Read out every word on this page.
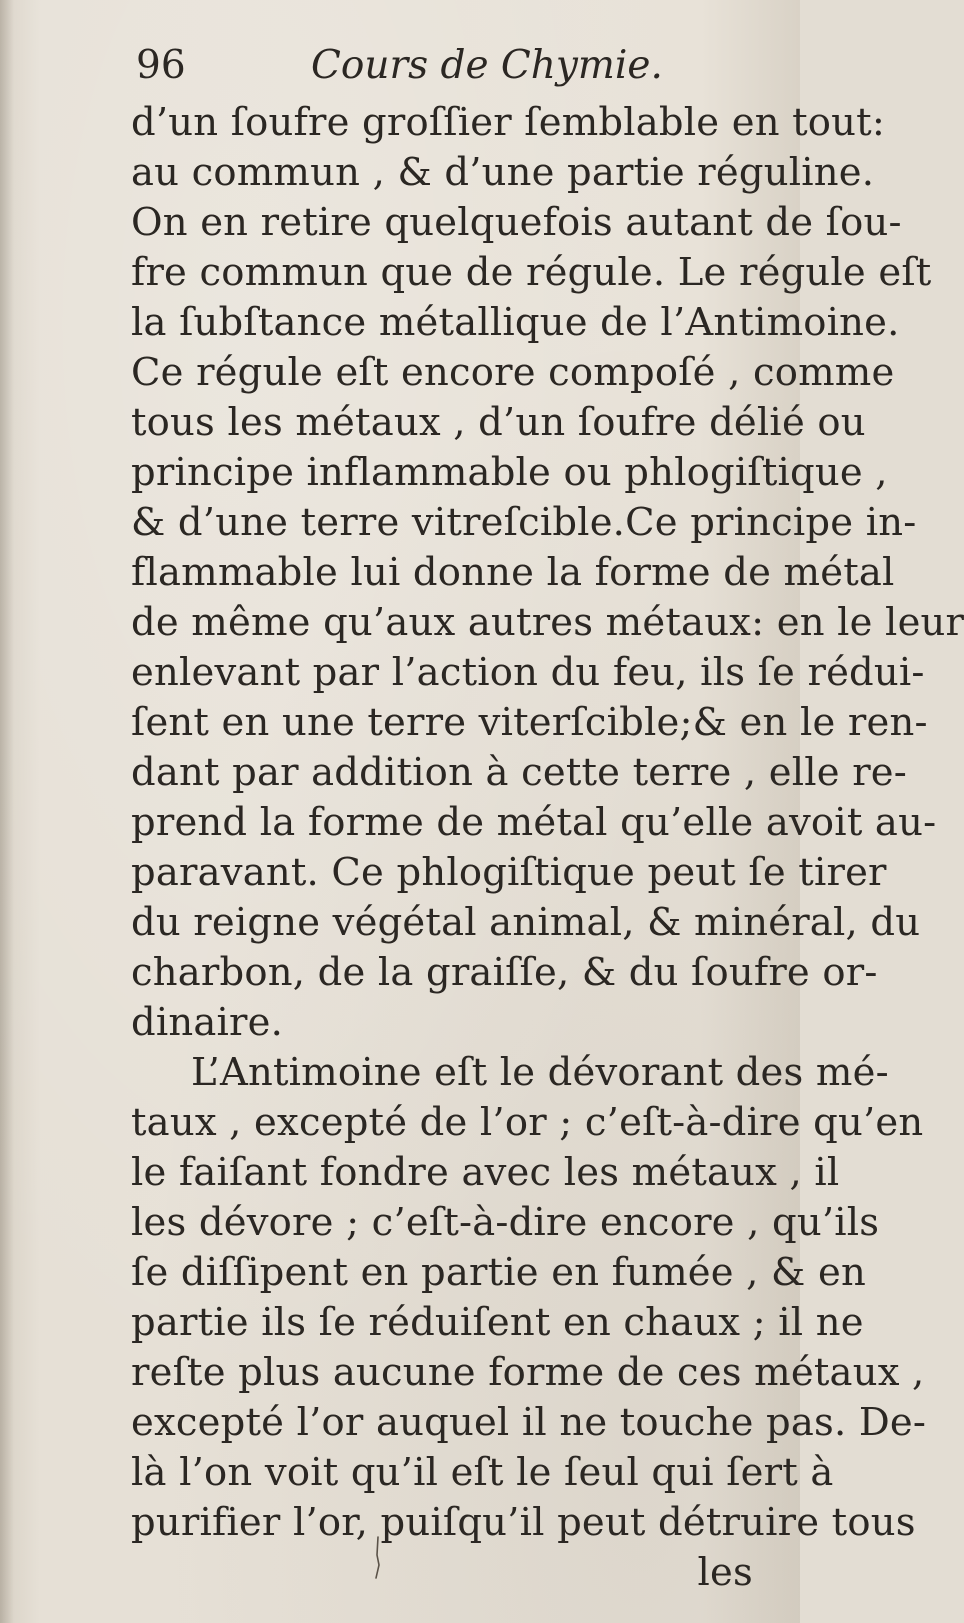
96	Cours de Chymie.
d’un ſoufre groſſier ſemblable en tout:
au commun , & d’une partie réguline.
On en retire quelquefois autant de ſou-
fre commun que de régule. Le régule eſt
la ſubſtance métallique de l’Antimoine.
Ce régule eſt encore compoſé , comme
tous les métaux , d’un ſoufre délié ou
principe inflammable ou phlogiſtique ,
& d’une terre vitreſcible.Ce principe in-
flammable lui donne la forme de métal
de même qu’aux autres métaux: en le leur
enlevant par l’action du feu, ils ſe rédui-
ſent en une terre viterſcible;& en le ren-
dant par addition à cette terre , elle re-
prend la forme de métal qu’elle avoit au-
paravant. Ce phlogiſtique peut ſe tirer
du reigne végétal animal, & minéral, du
charbon, de la graiſſe, & du ſoufre or-
dinaire.
L’Antimoine eſt le dévorant des mé-
taux , excepté de l’or ; c’eſt-à-dire qu’en
le faiſant fondre avec les métaux , il
les dévore ; c’eſt-à-dire encore , qu’ils
ſe diſſipent en partie en fumée , & en
partie ils ſe réduiſent en chaux ; il ne
reſte plus aucune forme de ces métaux ,
excepté l’or auquel il ne touche pas. De-
là l’on voit qu’il eſt le ſeul qui ſert à
purifier l’or, puiſqu’il peut détruire tous
les
